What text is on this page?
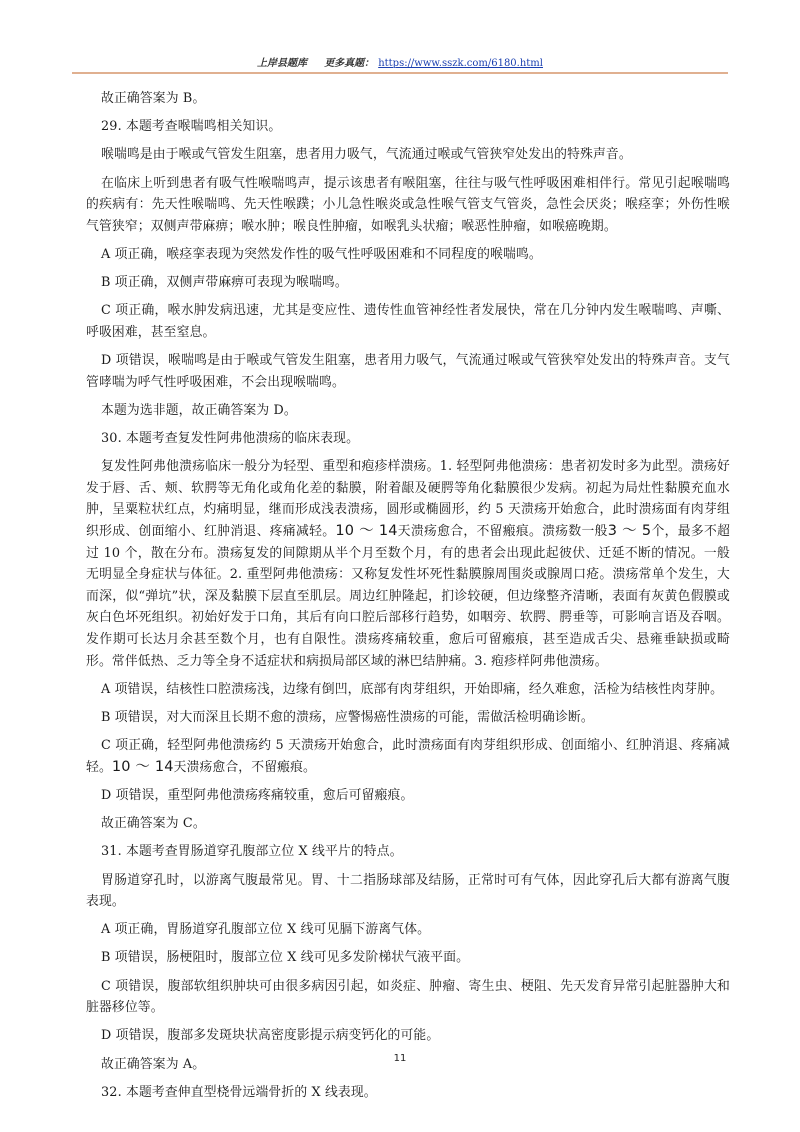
上岸县题库 更多真题： https://www.sszk.com/6180.html

故正确答案为 B。

29. 本题考查喉喘鸣相关知识。

喉喘鸣是由于喉或气管发生阻塞，患者用力吸气，气流通过喉或气管狭窄处发出的特殊声音。

在临床上听到患者有吸气性喉喘鸣声，提示该患者有喉阻塞，往往与吸气性呼吸困难相伴行。常见引起喉喘鸣的疾病有：先天性喉喘鸣、先天性喉蹼；小儿急性喉炎或急性喉气管支气管炎，急性会厌炎；喉痉挛；外伤性喉气管狭窄；双侧声带麻痹；喉水肿；喉良性肿瘤，如喉乳头状瘤；喉恶性肿瘤，如喉癌晚期。

A 项正确，喉痉挛表现为突然发作性的吸气性呼吸困难和不同程度的喉喘鸣。

B 项正确，双侧声带麻痹可表现为喉喘鸣。

C 项正确，喉水肿发病迅速，尤其是变应性、遗传性血管神经性者发展快，常在几分钟内发生喉喘鸣、声嘶、呼吸困难，甚至窒息。

D 项错误，喉喘鸣是由于喉或气管发生阻塞，患者用力吸气，气流通过喉或气管狭窄处发出的特殊声音。支气管哮喘为呼气性呼吸困难，不会出现喉喘鸣。

本题为选非题，故正确答案为 D。

30. 本题考查复发性阿弗他溃疡的临床表现。

复发性阿弗他溃疡临床一般分为轻型、重型和疱疹样溃疡。1. 轻型阿弗他溃疡：患者初发时多为此型。溃疡好发于唇、舌、颊、软腭等无角化或角化差的黏膜，附着龈及硬腭等角化黏膜很少发病。初起为局灶性黏膜充血水肿，呈粟粒状红点，灼痛明显，继而形成浅表溃疡，圆形或椭圆形，约 5 天溃疡开始愈合，此时溃疡面有肉芽组织形成、创面缩小、红肿消退、疼痛减轻。10 ～ 14天溃疡愈合，不留瘢痕。溃疡数一般3 ～ 5个，最多不超过 10 个，散在分布。溃疡复发的间隙期从半个月至数个月，有的患者会出现此起彼伏、迁延不断的情况。一般无明显全身症状与体征。2. 重型阿弗他溃疡：又称复发性坏死性黏膜腺周围炎或腺周口疮。溃疡常单个发生，大而深，似“弹坑”状，深及黏膜下层直至肌层。周边红肿隆起，扪诊较硬，但边缘整齐清晰，表面有灰黄色假膜或灰白色坏死组织。初始好发于口角，其后有向口腔后部移行趋势，如咽旁、软腭、腭垂等，可影响言语及吞咽。发作期可长达月余甚至数个月，也有自限性。溃疡疼痛较重，愈后可留瘢痕，甚至造成舌尖、悬雍垂缺损或畸形。常伴低热、乏力等全身不适症状和病损局部区域的淋巴结肿痛。3. 疱疹样阿弗他溃疡。

A 项错误，结核性口腔溃疡浅，边缘有倒凹，底部有肉芽组织，开始即痛，经久难愈，活检为结核性肉芽肿。

B 项错误，对大而深且长期不愈的溃疡，应警惕癌性溃疡的可能，需做活检明确诊断。

C 项正确，轻型阿弗他溃疡约 5 天溃疡开始愈合，此时溃疡面有肉芽组织形成、创面缩小、红肿消退、疼痛减轻。10 ～ 14天溃疡愈合，不留瘢痕。

D 项错误，重型阿弗他溃疡疼痛较重，愈后可留瘢痕。

故正确答案为 C。

31. 本题考查胃肠道穿孔腹部立位 X 线平片的特点。

胃肠道穿孔时，以游离气腹最常见。胃、十二指肠球部及结肠，正常时可有气体，因此穿孔后大都有游离气腹表现。

A 项正确，胃肠道穿孔腹部立位 X 线可见膈下游离气体。

B 项错误，肠梗阻时，腹部立位 X 线可见多发阶梯状气液平面。

C 项错误，腹部软组织肿块可由很多病因引起，如炎症、肿瘤、寄生虫、梗阻、先天发育异常引起脏器肿大和脏器移位等。

D 项错误，腹部多发斑块状高密度影提示病变钙化的可能。

故正确答案为 A。

32. 本题考查伸直型桡骨远端骨折的 X 线表现。

11
